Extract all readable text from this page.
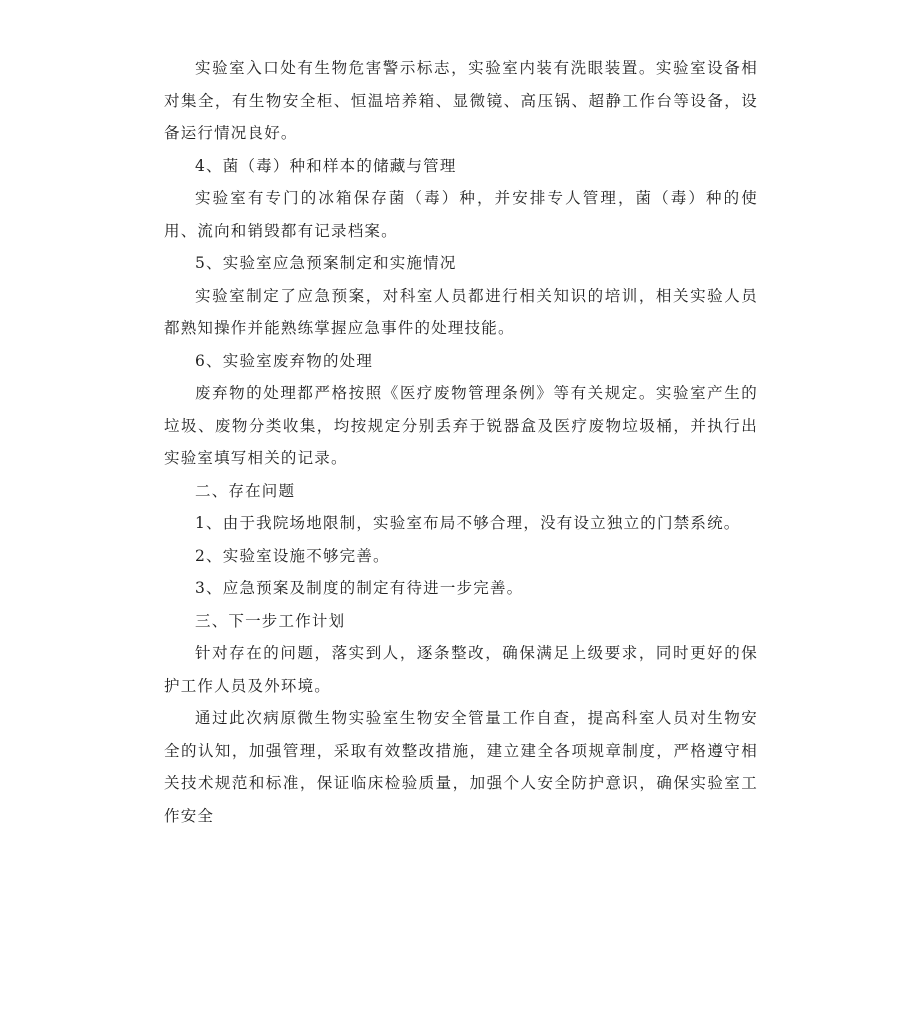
实验室入口处有生物危害警示标志，实验室内装有洗眼装置。实验室设备相对集全，有生物安全柜、恒温培养箱、显微镜、高压锅、超静工作台等设备，设备运行情况良好。

4、菌（毒）种和样本的储藏与管理

实验室有专门的冰箱保存菌（毒）种，并安排专人管理，菌（毒）种的使用、流向和销毁都有记录档案。

5、实验室应急预案制定和实施情况

实验室制定了应急预案，对科室人员都进行相关知识的培训，相关实验人员都熟知操作并能熟练掌握应急事件的处理技能。

6、实验室废弃物的处理

废弃物的处理都严格按照《医疗废物管理条例》等有关规定。实验室产生的垃圾、废物分类收集，均按规定分别丢弃于锐器盒及医疗废物垃圾桶，并执行出实验室填写相关的记录。

二、存在问题

1、由于我院场地限制，实验室布局不够合理，没有设立独立的门禁系统。

2、实验室设施不够完善。

3、应急预案及制度的制定有待进一步完善。

三、下一步工作计划

针对存在的问题，落实到人，逐条整改，确保满足上级要求，同时更好的保护工作人员及外环境。

通过此次病原微生物实验室生物安全管量工作自查，提高科室人员对生物安全的认知，加强管理，采取有效整改措施，建立建全各项规章制度，严格遵守相关技术规范和标准，保证临床检验质量，加强个人安全防护意识，确保实验室工作安全
